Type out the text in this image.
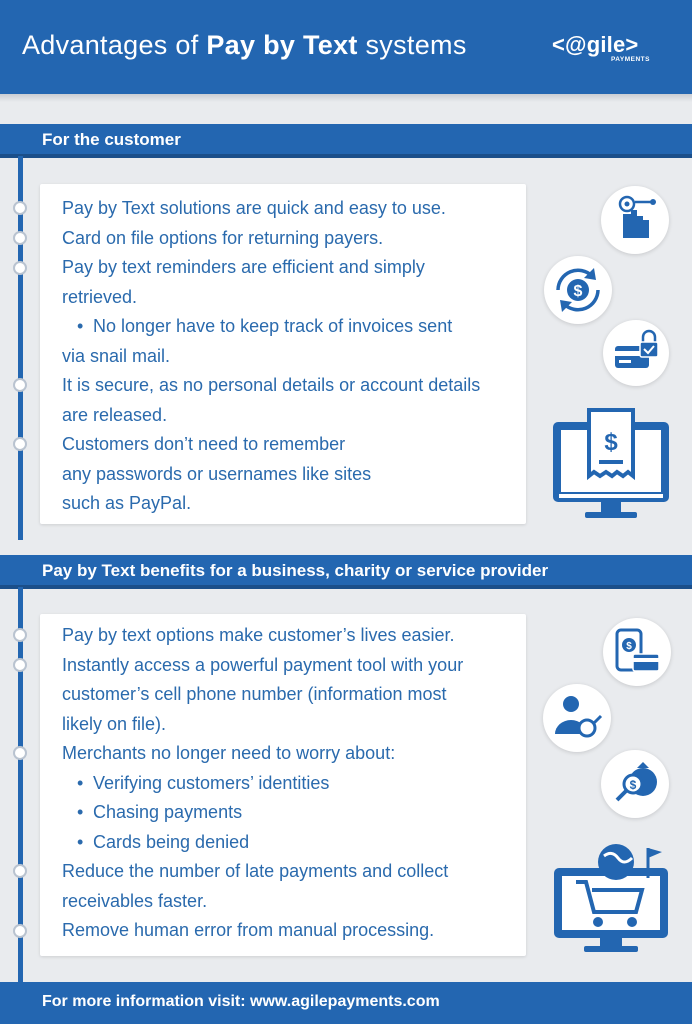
Advantages of Pay by Text systems	<@gile>
PAYMENTS
For the customer

Pay by Text solutions are quick and easy to use.

Card on file options for returning payers.

Pay by text reminders are efficient and simply

retrieved.

• No longer have to keep track of invoices sent

via snail mail.

It is secure, as no personal details or account details

are released.

Customers don’t need to remember

any passwords or usernames like sites

such as PayPal.

$
$
Pay by Text benefits for a business, charity or service provider

Pay by text options make customer’s lives easier.

Instantly access a powerful payment tool with your

customer’s cell phone number (information most

likely on file).

Merchants no longer need to worry about:

• Verifying customers’ identities

• Chasing payments

• Cards being denied

Reduce the number of late payments and collect

receivables faster.

Remove human error from manual processing.

$
$
For more information visit: www.agilepayments.com
